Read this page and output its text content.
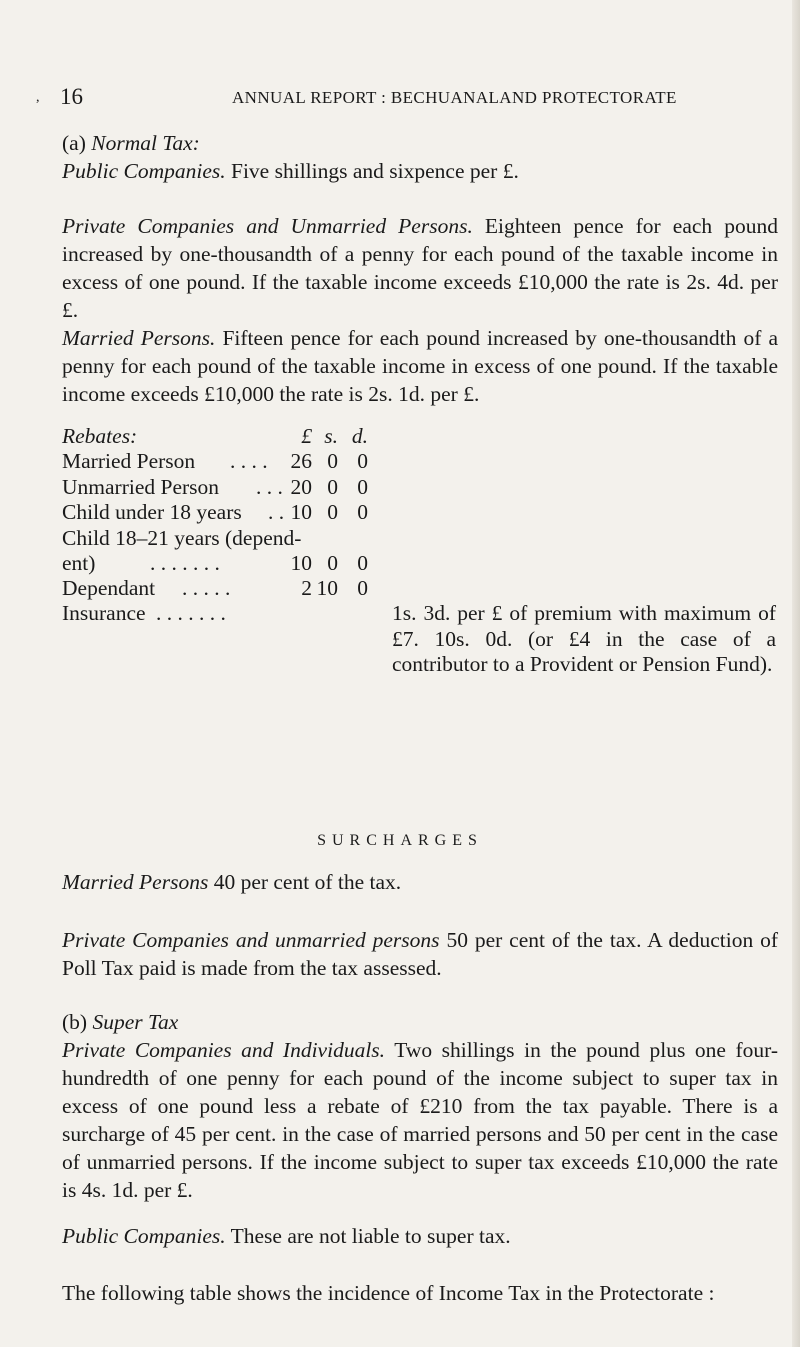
, 16	ANNUAL REPORT : BECHUANALAND PROTECTORATE
(a) Normal Tax:
Public Companies. Five shillings and sixpence per £.
Private Companies and Unmarried Persons. Eighteen pence for each pound increased by one-thousandth of a penny for each pound of the taxable income in excess of one pound. If the taxable income exceeds £10,000 the rate is 2s. 4d. per £.
Married Persons. Fifteen pence for each pound increased by one-thousandth of a penny for each pound of the taxable income in excess of one pound. If the taxable income exceeds £10,000 the rate is 2s. 1d. per £.
Rebates:	£ s. d.
Married Person . . . .	26 0 0
Unmarried Person . . . 20 0 0
Child under 18 years . . 10 0 0
Child 18–21 years (depend-
ent)	. . . . . . .	10 0 0
Dependant . . . . .	2 10 0
Insurance . . . . . . .	1s. 3d. per £ of premium with maximum of £7. 10s. 0d. (or £4 in the case of a contributor to a Provident or Pension Fund).
SURCHARGES
Married Persons 40 per cent of the tax.
Private Companies and unmarried persons 50 per cent of the tax. A deduction of Poll Tax paid is made from the tax assessed.
(b) Super Tax
Private Companies and Individuals. Two shillings in the pound plus one four-hundredth of one penny for each pound of the income subject to super tax in excess of one pound less a rebate of £210 from the tax payable. There is a surcharge of 45 per cent. in the case of married persons and 50 per cent in the case of unmarried persons. If the income subject to super tax exceeds £10,000 the rate is 4s. 1d. per £.
Public Companies. These are not liable to super tax.
The following table shows the incidence of Income Tax in the Protectorate :
